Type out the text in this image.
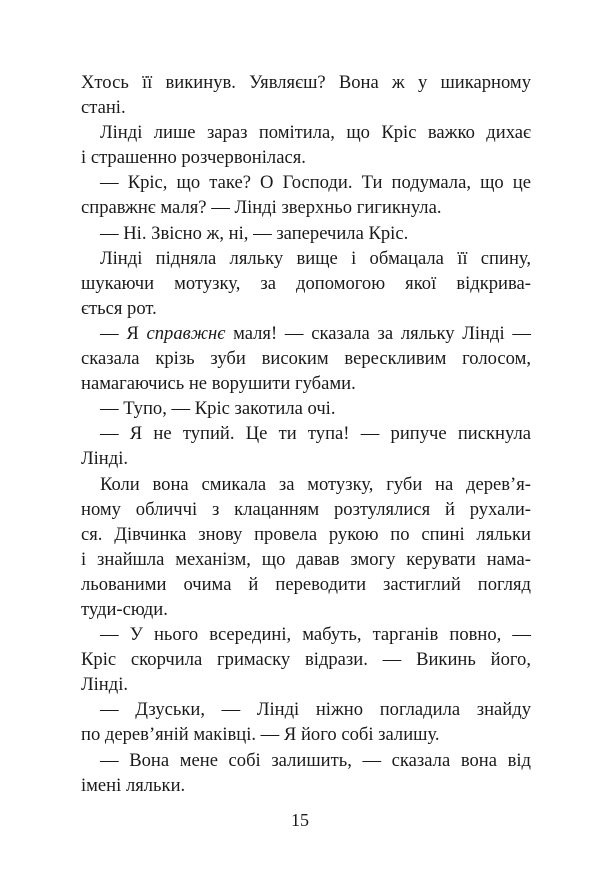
Хтось її викинув. Уявляєш? Вона ж у шикарному
стані.
Лінді лише зараз помітила, що Кріс важко дихає
і страшенно розчервонілася.
— Кріс, що таке? О Господи. Ти подумала, що це
справжнє маля? — Лінді зверхньо гигикнула.
— Ні. Звісно ж, ні, — заперечила Кріс.
Лінді підняла ляльку вище і обмацала її спину,
шукаючи мотузку, за допомогою якої відкрива-
ється рот.
— Я справжнє маля! — сказала за ляльку Лінді —
сказала крізь зуби високим верескливим голосом,
намагаючись не ворушити губами.
— Тупо, — Кріс закотила очі.
— Я не тупий. Це ти тупа! — рипуче пискнула
Лінді.
Коли вона смикала за мотузку, губи на дерев’я-
ному обличчі з клацанням розтулялися й рухали-
ся. Дівчинка знову провела рукою по спині ляльки
і знайшла механізм, що давав змогу керувати нама-
льованими очима й переводити застиглий погляд
туди-сюди.
— У нього всередині, мабуть, тарганів повно, —
Кріс скорчила гримаску відрази. — Викинь його,
Лінді.
— Дзуськи, — Лінді ніжно погладила знайду
по дерев’яній маківці. — Я його собі залишу.
— Вона мене собі залишить, — сказала вона від
імені ляльки.
15
